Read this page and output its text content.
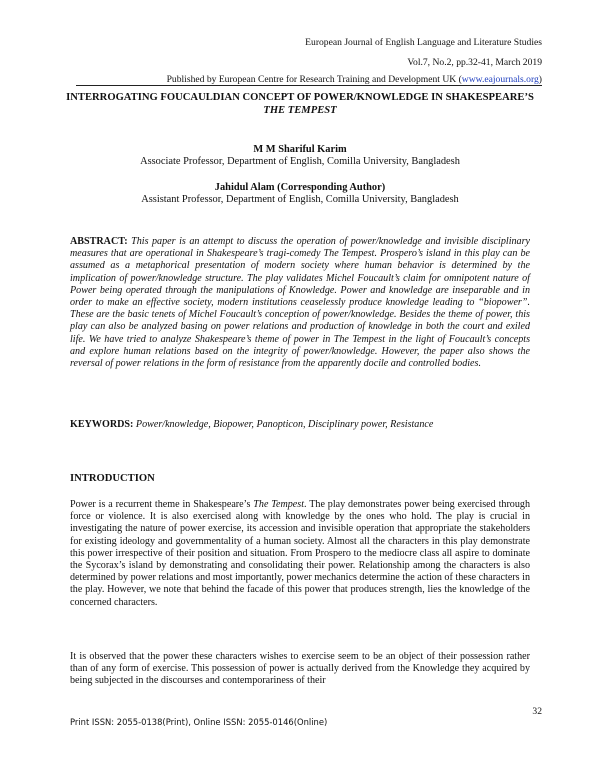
European Journal of English Language and Literature Studies
Vol.7, No.2, pp.32-41, March 2019
Published by European Centre for Research Training and Development UK (www.eajournals.org)
INTERROGATING FOUCAULDIAN CONCEPT OF POWER/KNOWLEDGE IN SHAKESPEARE’S THE TEMPEST
M M Shariful Karim
Associate Professor, Department of English, Comilla University, Bangladesh
Jahidul Alam (Corresponding Author)
Assistant Professor, Department of English, Comilla University, Bangladesh
ABSTRACT: This paper is an attempt to discuss the operation of power/knowledge and invisible disciplinary measures that are operational in Shakespeare’s tragi-comedy The Tempest. Prospero’s island in this play can be assumed as a metaphorical presentation of modern society where human behavior is determined by the implication of power/knowledge structure. The play validates Michel Foucault’s claim for omnipotent nature of Power being operated through the manipulations of Knowledge. Power and knowledge are inseparable and in order to make an effective society, modern institutions ceaselessly produce knowledge leading to “biopower”. These are the basic tenets of Michel Foucault’s conception of power/knowledge. Besides the theme of power, this play can also be analyzed basing on power relations and production of knowledge in both the court and exiled life. We have tried to analyze Shakespeare’s theme of power in The Tempest in the light of Foucault’s concepts and explore human relations based on the integrity of power/knowledge. However, the paper also shows the reversal of power relations in the form of resistance from the apparently docile and controlled bodies.
KEYWORDS: Power/knowledge, Biopower, Panopticon, Disciplinary power, Resistance
INTRODUCTION
Power is a recurrent theme in Shakespeare’s The Tempest. The play demonstrates power being exercised through force or violence. It is also exercised along with knowledge by the ones who hold. The play is crucial in investigating the nature of power exercise, its accession and invisible operation that appropriate the stakeholders for existing ideology and governmentality of a human society. Almost all the characters in this play demonstrate this power irrespective of their position and situation. From Prospero to the mediocre class all aspire to dominate the Sycorax’s island by demonstrating and consolidating their power. Relationship among the characters is also determined by power relations and most importantly, power mechanics determine the action of these characters in the play. However, we note that behind the facade of this power that produces strength, lies the knowledge of the concerned characters.
It is observed that the power these characters wishes to exercise seem to be an object of their possession rather than of any form of exercise. This possession of power is actually derived from the Knowledge they acquired by being subjected in the discourses and contemporariness of their
32
Print ISSN: 2055-0138(Print), Online ISSN: 2055-0146(Online)
